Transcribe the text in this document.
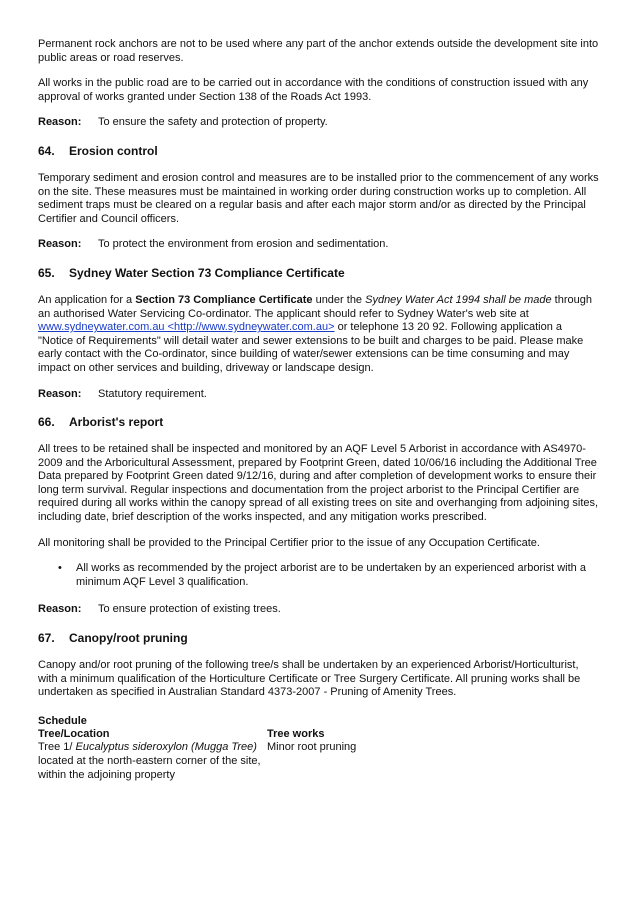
Permanent rock anchors are not to be used where any part of the anchor extends outside the development site into public areas or road reserves.

All works in the public road are to be carried out in accordance with the conditions of construction issued with any approval of works granted under Section 138 of the Roads Act 1993.

Reason: To ensure the safety and protection of property.
64. Erosion control

Temporary sediment and erosion control and measures are to be installed prior to the commencement of any works on the site. These measures must be maintained in working order during construction works up to completion. All sediment traps must be cleared on a regular basis and after each major storm and/or as directed by the Principal Certifier and Council officers.

Reason: To protect the environment from erosion and sedimentation.
65. Sydney Water Section 73 Compliance Certificate

An application for a Section 73 Compliance Certificate under the Sydney Water Act 1994 shall be made through an authorised Water Servicing Co-ordinator. The applicant should refer to Sydney Water's web site at www.sydneywater.com.au <http://www.sydneywater.com.au> or telephone 13 20 92. Following application a "Notice of Requirements" will detail water and sewer extensions to be built and charges to be paid. Please make early contact with the Co-ordinator, since building of water/sewer extensions can be time consuming and may impact on other services and building, driveway or landscape design.

Reason: Statutory requirement.
66. Arborist's report

All trees to be retained shall be inspected and monitored by an AQF Level 5 Arborist in accordance with AS4970-2009 and the Arboricultural Assessment, prepared by Footprint Green, dated 10/06/16 including the Additional Tree Data prepared by Footprint Green dated 9/12/16, during and after completion of development works to ensure their long term survival. Regular inspections and documentation from the project arborist to the Principal Certifier are required during all works within the canopy spread of all existing trees on site and overhanging from adjoining sites, including date, brief description of the works inspected, and any mitigation works prescribed.

All monitoring shall be provided to the Principal Certifier prior to the issue of any Occupation Certificate.

• All works as recommended by the project arborist are to be undertaken by an experienced arborist with a minimum AQF Level 3 qualification.
Reason: To ensure protection of existing trees.
67. Canopy/root pruning

Canopy and/or root pruning of the following tree/s shall be undertaken by an experienced Arborist/Horticulturist, with a minimum qualification of the Horticulture Certificate or Tree Surgery Certificate. All pruning works shall be undertaken as specified in Australian Standard 4373-2007 - Pruning of Amenity Trees.

Schedule
Tree/Location
Tree 1/ Eucalyptus sideroxylon (Mugga Tree) located at the north-eastern corner of the site, within the adjoining property
Tree works
Minor root pruning
